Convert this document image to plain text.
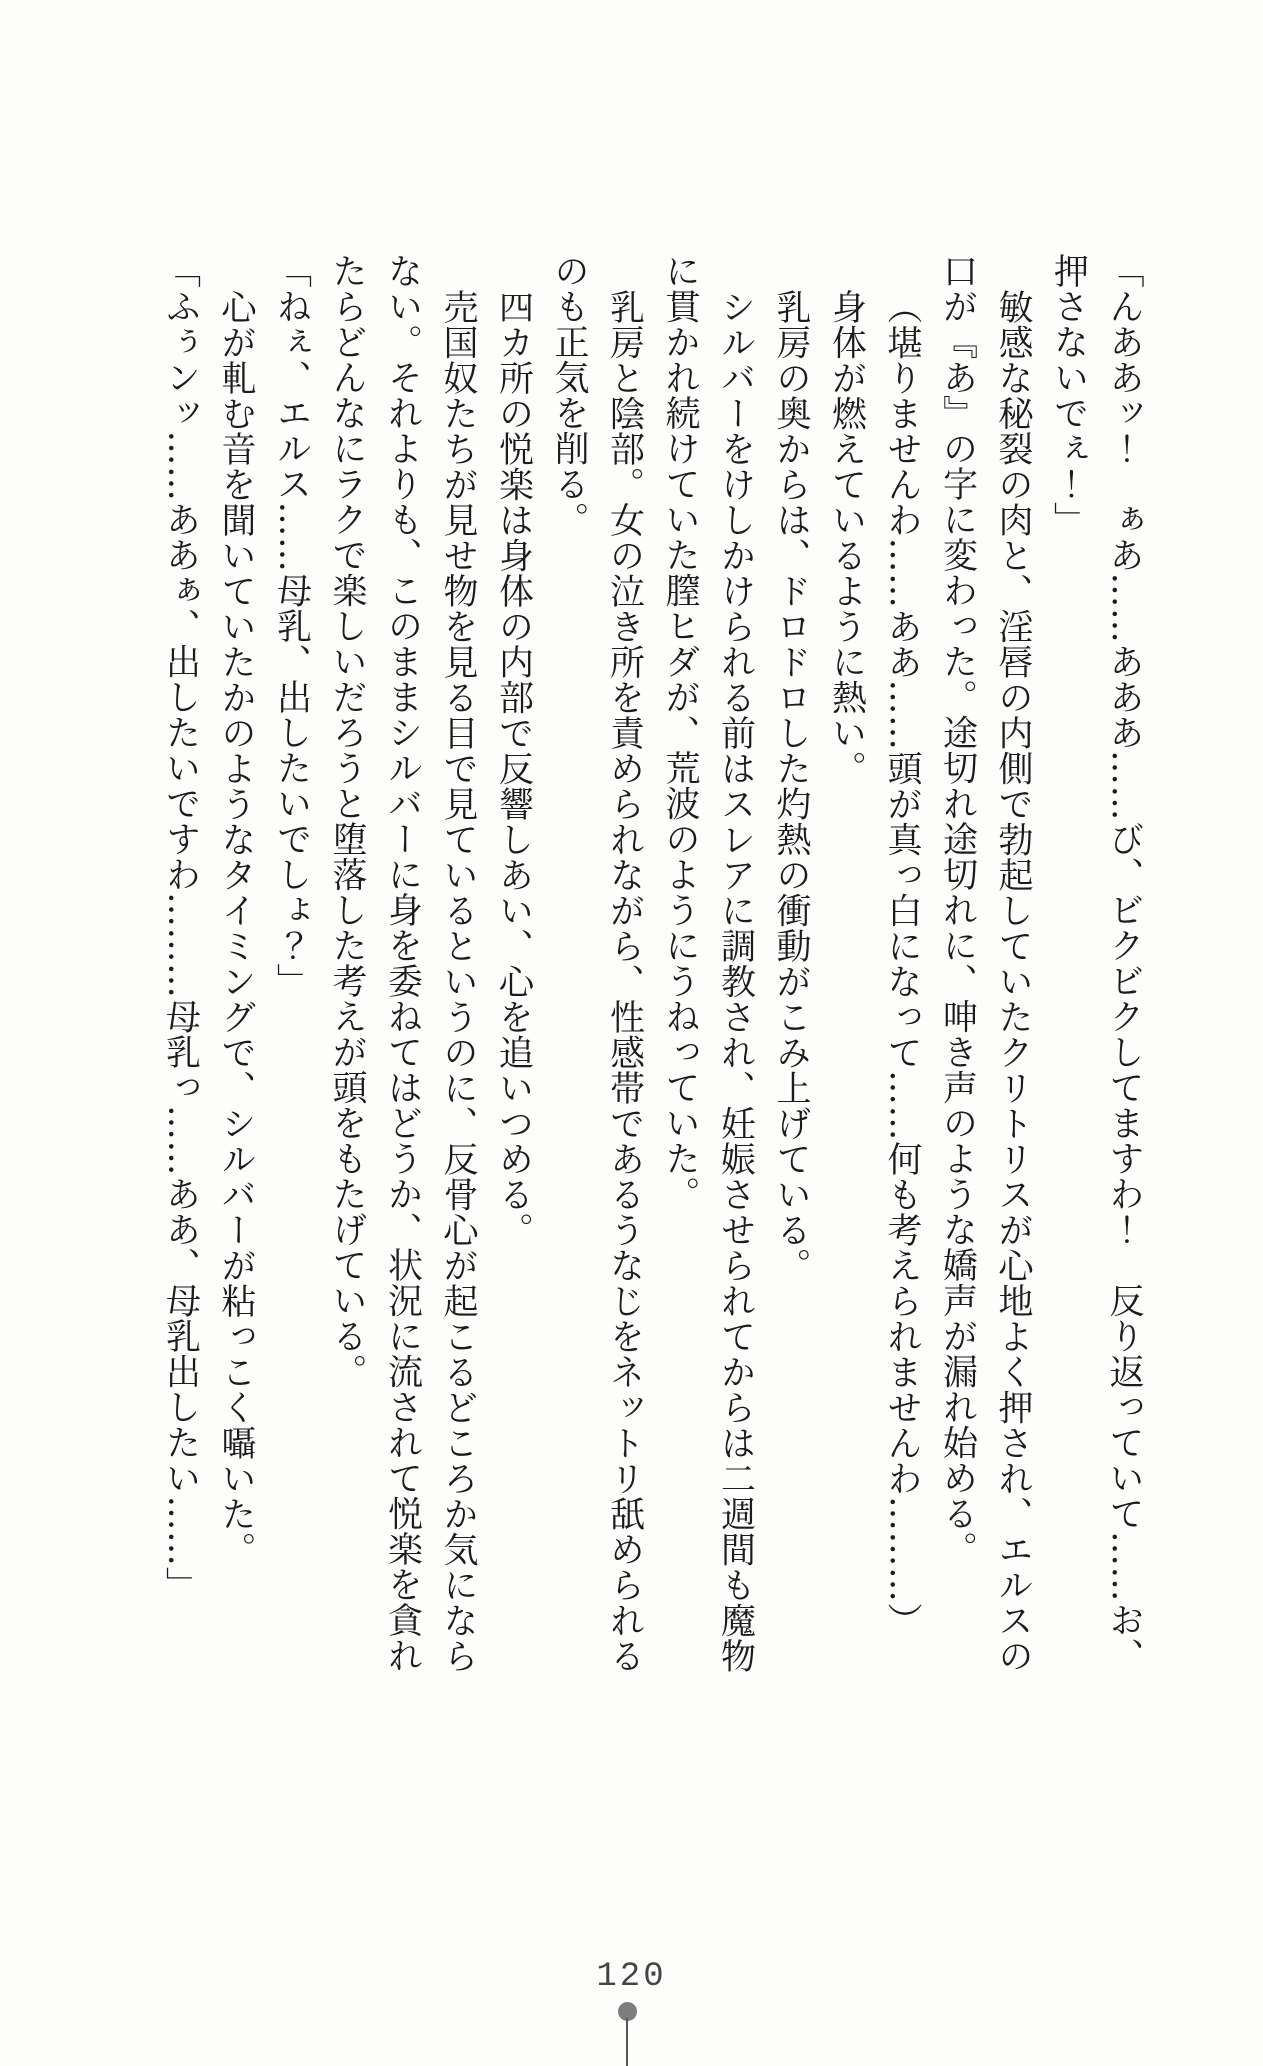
「んああッ！　ぁあ……あああ……び、ビクビクしてますわ！　反り返っていて……お、

押さないでぇ！」

敏感な秘裂の肉と、淫唇の内側で勃起していたクリトリスが心地よく押され、エルスの

口が『あ』の字に変わった。途切れ途切れに、呻き声のような嬌声が漏れ始める。

（堪りませんわ……ああ……頭が真っ白になって……何も考えられませんわ………）

身体が燃えているように熱い。

乳房の奥からは、ドロドロした灼熱の衝動がこみ上げている。

シルバーをけしかけられる前はスレアに調教され、妊娠させられてからは二週間も魔物

に貫かれ続けていた膣ヒダが、荒波のようにうねっていた。

乳房と陰部。女の泣き所を責められながら、性感帯であるうなじをネットリ舐められる

のも正気を削る。

四カ所の悦楽は身体の内部で反響しあい、心を追いつめる。

売国奴たちが見せ物を見る目で見ているというのに、反骨心が起こるどころか気になら

ない。それよりも、このままシルバーに身を委ねてはどうか、状況に流されて悦楽を貪れ

たらどんなにラクで楽しいだろうと堕落した考えが頭をもたげている。

「ねぇ、エルス……母乳、出したいでしょ？」

心が軋む音を聞いていたかのようなタイミングで、シルバーが粘っこく囁いた。

「ふぅンッ……ああぁ、出したいですわ………母乳っ……ああ、母乳出したい……」

120
